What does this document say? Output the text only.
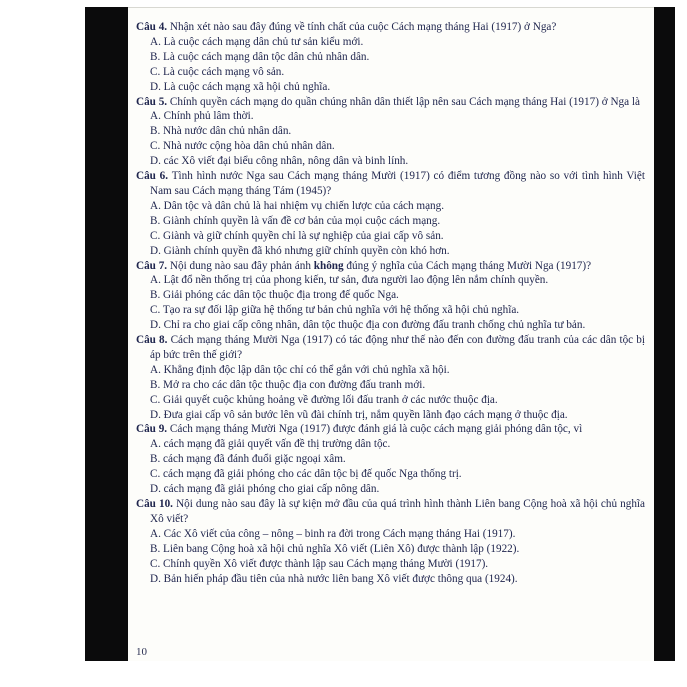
Câu 4. Nhận xét nào sau đây đúng về tính chất của cuộc Cách mạng tháng Hai (1917) ở Nga?
A. Là cuộc cách mạng dân chủ tư sản kiểu mới.
B. Là cuộc cách mạng dân tộc dân chủ nhân dân.
C. Là cuộc cách mạng vô sản.
D. Là cuộc cách mạng xã hội chủ nghĩa.
Câu 5. Chính quyền cách mạng do quần chúng nhân dân thiết lập nên sau Cách mạng tháng Hai (1917) ở Nga là
A. Chính phủ lâm thời.
B. Nhà nước dân chủ nhân dân.
C. Nhà nước cộng hòa dân chủ nhân dân.
D. các Xô viết đại biểu công nhân, nông dân và binh lính.
Câu 6. Tình hình nước Nga sau Cách mạng tháng Mười (1917) có điểm tương đồng nào so với tình hình Việt Nam sau Cách mạng tháng Tám (1945)?
A. Dân tộc và dân chủ là hai nhiệm vụ chiến lược của cách mạng.
B. Giành chính quyền là vấn đề cơ bản của mọi cuộc cách mạng.
C. Giành và giữ chính quyền chỉ là sự nghiệp của giai cấp vô sản.
D. Giành chính quyền đã khó nhưng giữ chính quyền còn khó hơn.
Câu 7. Nội dung nào sau đây phản ánh không đúng ý nghĩa của Cách mạng tháng Mười Nga (1917)?
A. Lật đổ nền thống trị của phong kiến, tư sản, đưa người lao động lên nắm chính quyền.
B. Giải phóng các dân tộc thuộc địa trong đế quốc Nga.
C. Tạo ra sự đối lập giữa hệ thống tư bản chủ nghĩa với hệ thống xã hội chủ nghĩa.
D. Chỉ ra cho giai cấp công nhân, dân tộc thuộc địa con đường đấu tranh chống chủ nghĩa tư bản.
Câu 8. Cách mạng tháng Mười Nga (1917) có tác động như thế nào đến con đường đấu tranh của các dân tộc bị áp bức trên thế giới?
A. Khẳng định độc lập dân tộc chỉ có thể gắn với chủ nghĩa xã hội.
B. Mở ra cho các dân tộc thuộc địa con đường đấu tranh mới.
C. Giải quyết cuộc khủng hoảng về đường lối đấu tranh ở các nước thuộc địa.
D. Đưa giai cấp vô sản bước lên vũ đài chính trị, nắm quyền lãnh đạo cách mạng ở thuộc địa.
Câu 9. Cách mạng tháng Mười Nga (1917) được đánh giá là cuộc cách mạng giải phóng dân tộc, vì
A. cách mạng đã giải quyết vấn đề thị trường dân tộc.
B. cách mạng đã đánh đuổi giặc ngoại xâm.
C. cách mạng đã giải phóng cho các dân tộc bị đế quốc Nga thống trị.
D. cách mạng đã giải phóng cho giai cấp nông dân.
Câu 10. Nội dung nào sau đây là sự kiện mở đầu của quá trình hình thành Liên bang Cộng hoà xã hội chủ nghĩa Xô viết?
A. Các Xô viết của công – nông – binh ra đời trong Cách mạng tháng Hai (1917).
B. Liên bang Cộng hoà xã hội chủ nghĩa Xô viết (Liên Xô) được thành lập (1922).
C. Chính quyền Xô viết được thành lập sau Cách mạng tháng Mười (1917).
D. Bản hiến pháp đầu tiên của nhà nước liên bang Xô viết được thông qua (1924).
10
